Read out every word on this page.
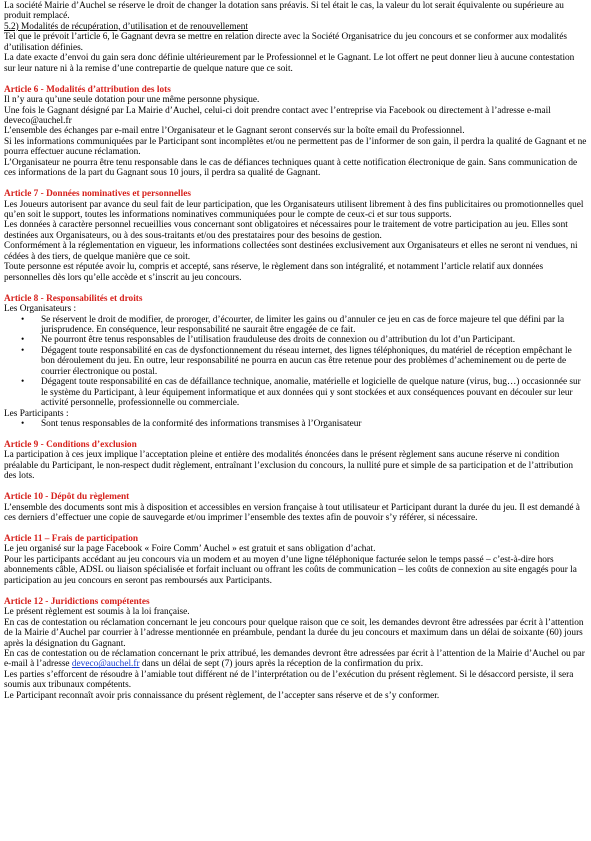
La société Mairie d’Auchel se réserve le droit de changer la dotation sans préavis. Si tel était le cas, la valeur du lot serait équivalente ou supérieure au produit remplacé.

5.2) Modalités de récupération, d’utilisation et de renouvellement

Tel que le prévoit l’article 6, le Gagnant devra se mettre en relation directe avec la Société Organisatrice du jeu concours et se conformer aux modalités d’utilisation définies.

La date exacte d’envoi du gain sera donc définie ultérieurement par le Professionnel et le Gagnant. Le lot offert ne peut donner lieu à aucune contestation sur leur nature ni à la remise d’une contrepartie de quelque nature que ce soit.

Article 6 - Modalités d’attribution des lots

Il n’y aura qu’une seule dotation pour une même personne physique.

Une fois le Gagnant désigné par La Mairie d’Auchel, celui-ci doit prendre contact avec l’entreprise via Facebook ou directement à l’adresse e-mail deveco@auchel.fr

L’ensemble des échanges par e-mail entre l’Organisateur et le Gagnant seront conservés sur la boîte email du Professionnel.

Si les informations communiquées par le Participant sont incomplètes et/ou ne permettent pas de l’informer de son gain, il perdra la qualité de Gagnant et ne pourra effectuer aucune réclamation.

L’Organisateur ne pourra être tenu responsable dans le cas de défiances techniques quant à cette notification électronique de gain. Sans communication de ces informations de la part du Gagnant sous 10 jours, il perdra sa qualité de Gagnant.

Article 7 - Données nominatives et personnelles

Les Joueurs autorisent par avance du seul fait de leur participation, que les Organisateurs utilisent librement à des fins publicitaires ou promotionnelles quel qu’en soit le support, toutes les informations nominatives communiquées pour le compte de ceux-ci et sur tous supports.

Les données à caractère personnel recueillies vous concernant sont obligatoires et nécessaires pour le traitement de votre participation au jeu. Elles sont destinées aux Organisateurs, ou à des sous-traitants et/ou des prestataires pour des besoins de gestion.

Conformément à la réglementation en vigueur, les informations collectées sont destinées exclusivement aux Organisateurs et elles ne seront ni vendues, ni cédées à des tiers, de quelque manière que ce soit.

Toute personne est réputée avoir lu, compris et accepté, sans réserve, le règlement dans son intégralité, et notamment l’article relatif aux données personnelles dès lors qu’elle accède et s’inscrit au jeu concours.

Article 8 - Responsabilités et droits

Les Organisateurs :

• Se réservent le droit de modifier, de proroger, d’écourter, de limiter les gains ou d’annuler ce jeu en cas de force majeure tel que défini par la jurisprudence. En conséquence, leur responsabilité ne saurait être engagée de ce fait.
• Ne pourront être tenus responsables de l’utilisation frauduleuse des droits de connexion ou d’attribution du lot d’un Participant.
• Dégagent toute responsabilité en cas de dysfonctionnement du réseau internet, des lignes téléphoniques, du matériel de réception empêchant le bon déroulement du jeu. En outre, leur responsabilité ne pourra en aucun cas être retenue pour des problèmes d’acheminement ou de perte de courrier électronique ou postal.
• Dégagent toute responsabilité en cas de défaillance technique, anomalie, matérielle et logicielle de quelque nature (virus, bug…) occasionnée sur le système du Participant, à leur équipement informatique et aux données qui y sont stockées et aux conséquences pouvant en découler sur leur activité personnelle, professionnelle ou commerciale.

Les Participants :

• Sont tenus responsables de la conformité des informations transmises à l’Organisateur

Article 9 - Conditions d’exclusion

La participation à ces jeux implique l’acceptation pleine et entière des modalités énoncées dans le présent règlement sans aucune réserve ni condition préalable du Participant, le non-respect dudit règlement, entraînant l’exclusion du concours, la nullité pure et simple de sa participation et de l’attribution des lots.

Article 10 - Dépôt du règlement

L’ensemble des documents sont mis à disposition et accessibles en version française à tout utilisateur et Participant durant la durée du jeu. Il est demandé à ces derniers d’effectuer une copie de sauvegarde et/ou imprimer l’ensemble des textes afin de pouvoir s’y référer, si nécessaire.

Article 11 – Frais de participation

Le jeu organisé sur la page Facebook « Foire Comm’ Auchel » est gratuit et sans obligation d’achat.

Pour les participants accédant au jeu concours via un modem et au moyen d’une ligne téléphonique facturée selon le temps passé – c’est-à-dire hors abonnements câble, ADSL ou liaison spécialisée et forfait incluant ou offrant les coûts de communication – les coûts de connexion au site engagés pour la participation au jeu concours en seront pas remboursés aux Participants.

Article 12 - Juridictions compétentes

Le présent règlement est soumis à la loi française.

En cas de contestation ou réclamation concernant le jeu concours pour quelque raison que ce soit, les demandes devront être adressées par écrit à l’attention de la Mairie d’Auchel par courrier à l’adresse mentionnée en préambule, pendant la durée du jeu concours et maximum dans un délai de soixante (60) jours après la désignation du Gagnant.

En cas de contestation ou de réclamation concernant le prix attribué, les demandes devront être adressées par écrit à l’attention de la Mairie d’Auchel ou par e-mail à l’adresse deveco@auchel.fr dans un délai de sept (7) jours après la réception de la confirmation du prix.

Les parties s’efforcent de résoudre à l’amiable tout différent né de l’interprétation ou de l’exécution du présent règlement. Si le désaccord persiste, il sera soumis aux tribunaux compétents.

Le Participant reconnaît avoir pris connaissance du présent règlement, de l’accepter sans réserve et de s’y conformer.
